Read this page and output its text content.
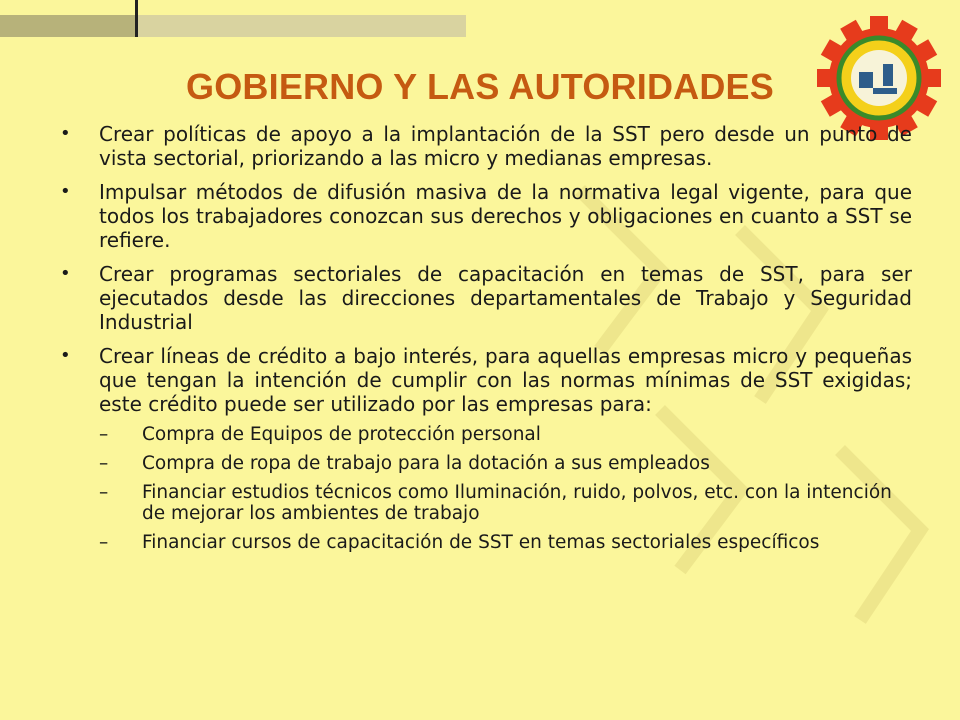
GOBIERNO Y LAS AUTORIDADES
• Crear políticas de apoyo a la implantación de la SST pero desde un punto de vista sectorial, priorizando a las micro y medianas empresas.
• Impulsar métodos de difusión masiva de la normativa legal vigente, para que todos los trabajadores conozcan sus derechos y obligaciones en cuanto a SST se refiere.
• Crear programas sectoriales de capacitación en temas de SST, para ser ejecutados desde las direcciones departamentales de Trabajo y Seguridad Industrial
• Crear líneas de crédito a bajo interés, para aquellas empresas micro y pequeñas que tengan la intención de cumplir con las normas mínimas de SST exigidas; este crédito puede ser utilizado por las empresas para:
– Compra de Equipos de protección personal
– Compra de ropa de trabajo para la dotación a sus empleados
– Financiar estudios técnicos como Iluminación, ruido, polvos, etc. con la intención de mejorar los ambientes de trabajo
– Financiar cursos de capacitación de SST en temas sectoriales específicos
